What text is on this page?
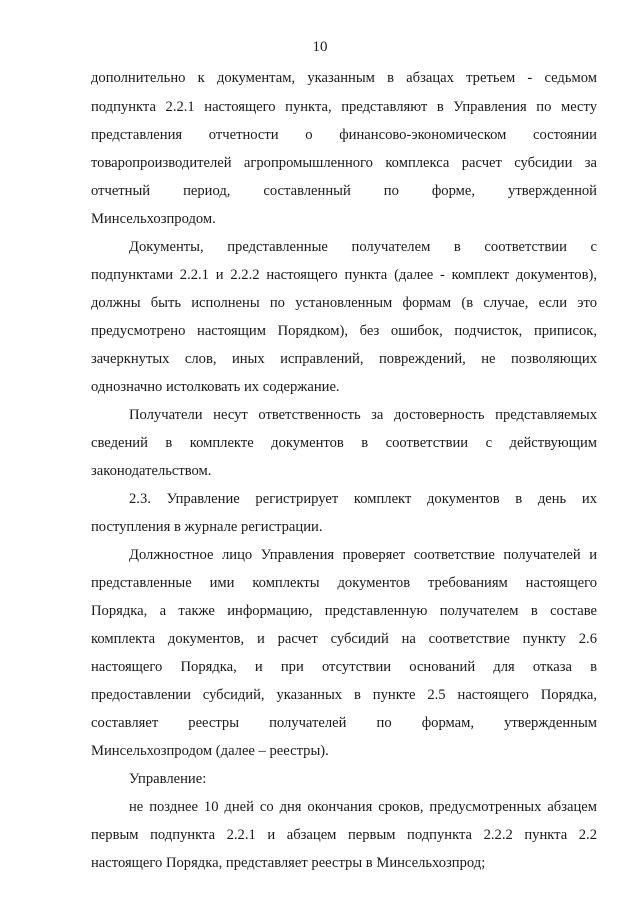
10
дополнительно к документам, указанным в абзацах третьем - седьмом
подпункта 2.2.1 настоящего пункта, представляют в Управления по месту
представления отчетности о финансово-экономическом состоянии
товаропроизводителей агропромышленного комплекса расчет субсидии за
отчетный период, составленный по форме, утвержденной
Минсельхозпродом.
Документы, представленные получателем в соответствии с
подпунктами 2.2.1 и 2.2.2 настоящего пункта (далее - комплект документов),
должны быть исполнены по установленным формам (в случае, если это
предусмотрено настоящим Порядком), без ошибок, подчисток, приписок,
зачеркнутых слов, иных исправлений, повреждений, не позволяющих
однозначно истолковать их содержание.
Получатели несут ответственность за достоверность представляемых
сведений в комплекте документов в соответствии с действующим
законодательством.
2.3. Управление регистрирует комплект документов в день их
поступления в журнале регистрации.
Должностное лицо Управления проверяет соответствие получателей и
представленные ими комплекты документов требованиям настоящего
Порядка, а также информацию, представленную получателем в составе
комплекта документов, и расчет субсидий на соответствие пункту 2.6
настоящего Порядка, и при отсутствии оснований для отказа в
предоставлении субсидий, указанных в пункте 2.5 настоящего Порядка,
составляет реестры получателей по формам, утвержденным
Минсельхозпродом (далее – реестры).
Управление:
не позднее 10 дней со дня окончания сроков, предусмотренных абзацем
первым подпункта 2.2.1 и абзацем первым подпункта 2.2.2 пункта 2.2
настоящего Порядка, представляет реестры в Минсельхозпрод;
